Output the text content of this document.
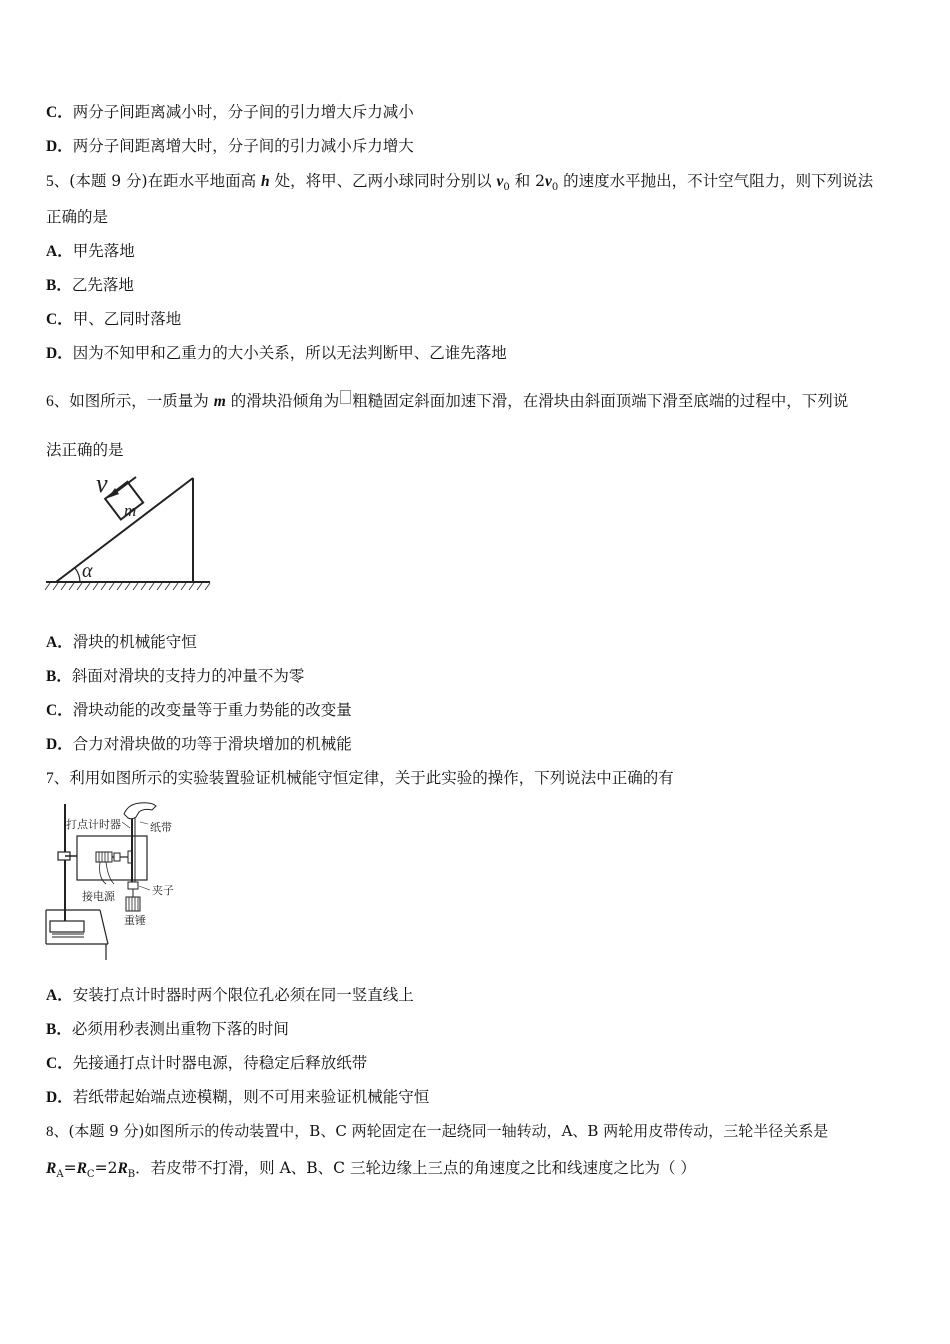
C．两分子间距离减小时，分子间的引力增大斥力减小
D．两分子间距离增大时，分子间的引力减小斥力增大
5、(本题 9 分)在距水平地面高 h 处，将甲、乙两小球同时分别以 $v_0$ 和 $2v_0$ 的速度水平抛出，不计空气阻力，则下列说法
正确的是
A．甲先落地
B．乙先落地
C．甲、乙同时落地
D．因为不知甲和乙重力的大小关系，所以无法判断甲、乙谁先落地
6、如图所示，一质量为 m 的滑块沿倾角为 粗糙固定斜面加速下滑，在滑块由斜面顶端下滑至底端的过程中，下列说
法正确的是
α
m
v
A．滑块的机械能守恒
B．斜面对滑块的支持力的冲量不为零
C．滑块动能的改变量等于重力势能的改变量
D．合力对滑块做的功等于滑块增加的机械能
7、利用如图所示的实验装置验证机械能守恒定律，关于此实验的操作，下列说法中正确的有
打点计时器	纸带
接电源	夹子
重锤
A．安装打点计时器时两个限位孔必须在同一竖直线上
B．必须用秒表测出重物下落的时间
C．先接通打点计时器电源，待稳定后释放纸带
D．若纸带起始端点迹模糊，则不可用来验证机械能守恒
8、(本题 9 分)如图所示的传动装置中，B、C 两轮固定在一起绕同一轴转动，A、B 两轮用皮带传动，三轮半径关系是
$R_A=R_C=2R_B$．若皮带不打滑，则 A、B、C 三轮边缘上三点的角速度之比和线速度之比为（ ）
